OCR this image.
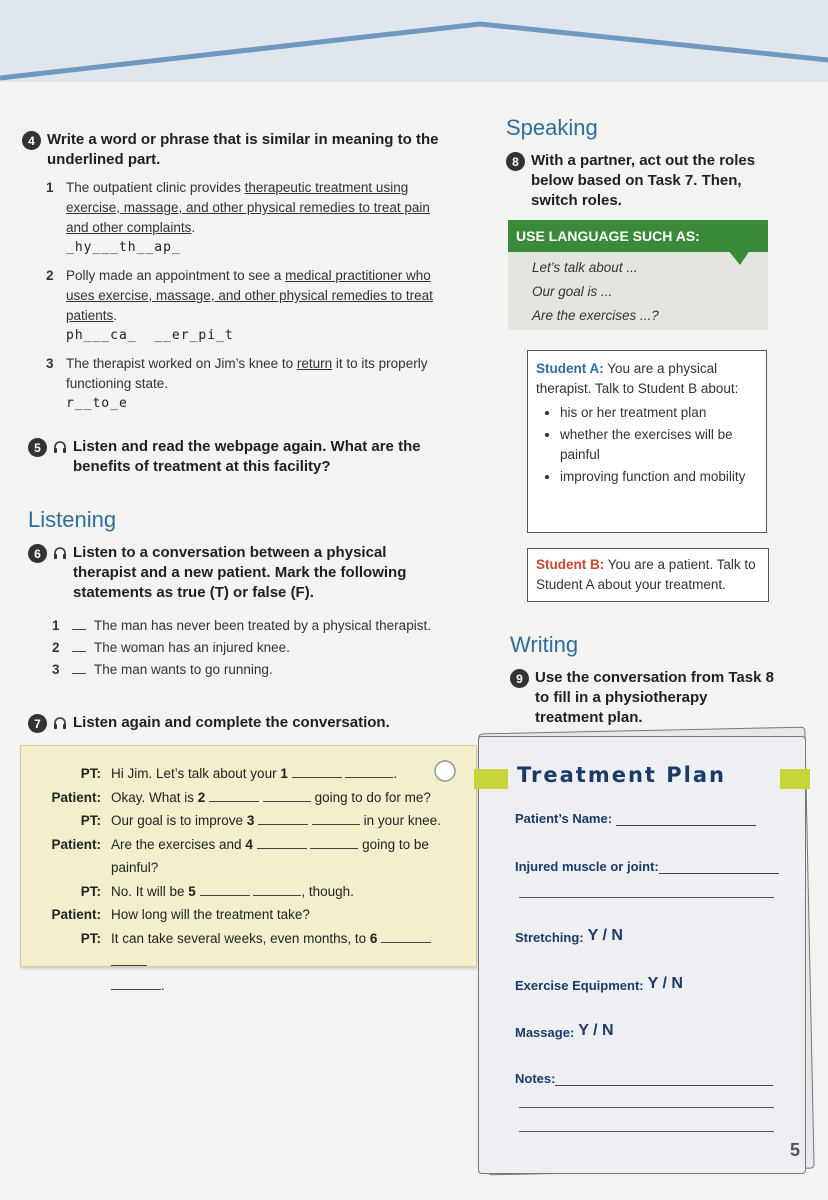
4 Write a word or phrase that is similar in meaning to the underlined part.
1 The outpatient clinic provides therapeutic treatment using exercise, massage, and other physical remedies to treat pain and other complaints.
_hy___th__ap_
2 Polly made an appointment to see a medical practitioner who uses exercise, massage, and other physical remedies to treat patients.
ph___ca_  __er_pi_t
3 The therapist worked on Jim’s knee to return it to its properly functioning state.
r__to_e
5	Listen and read the webpage again. What are the benefits of treatment at this facility?
Listening
6	Listen to a conversation between a physical therapist and a new patient. Mark the following statements as true (T) or false (F).
1	The man has never been treated by a physical therapist.
2	The woman has an injured knee.
3	The man wants to go running.
7	Listen again and complete the conversation.
PT: Hi Jim. Let’s talk about your 1	.
Patient: Okay. What is 2	going to do for me?
PT: Our goal is to improve 3	in your knee.
Patient: Are the exercises and 4	going to be painful?
PT: No. It will be 5	, though.
Patient: How long will the treatment take?
PT: It can take several weeks, even months, to 6
.
Speaking
8 With a partner, act out the roles below based on Task 7. Then, switch roles.
USE LANGUAGE SUCH AS:
Let’s talk about ...
Our goal is ...
Are the exercises ...?
Student A: You are a physical therapist. Talk to Student B about:
• his or her treatment plan
• whether the exercises will be painful
• improving function and mobility
Student B: You are a patient. Talk to Student A about your treatment.
Writing
9 Use the conversation from Task 8 to fill in a physiotherapy treatment plan.
Treatment Plan
Patient’s Name:
Injured muscle or joint:
Stretching: Y / N
Exercise Equipment: Y / N
Massage: Y / N
Notes:
5
